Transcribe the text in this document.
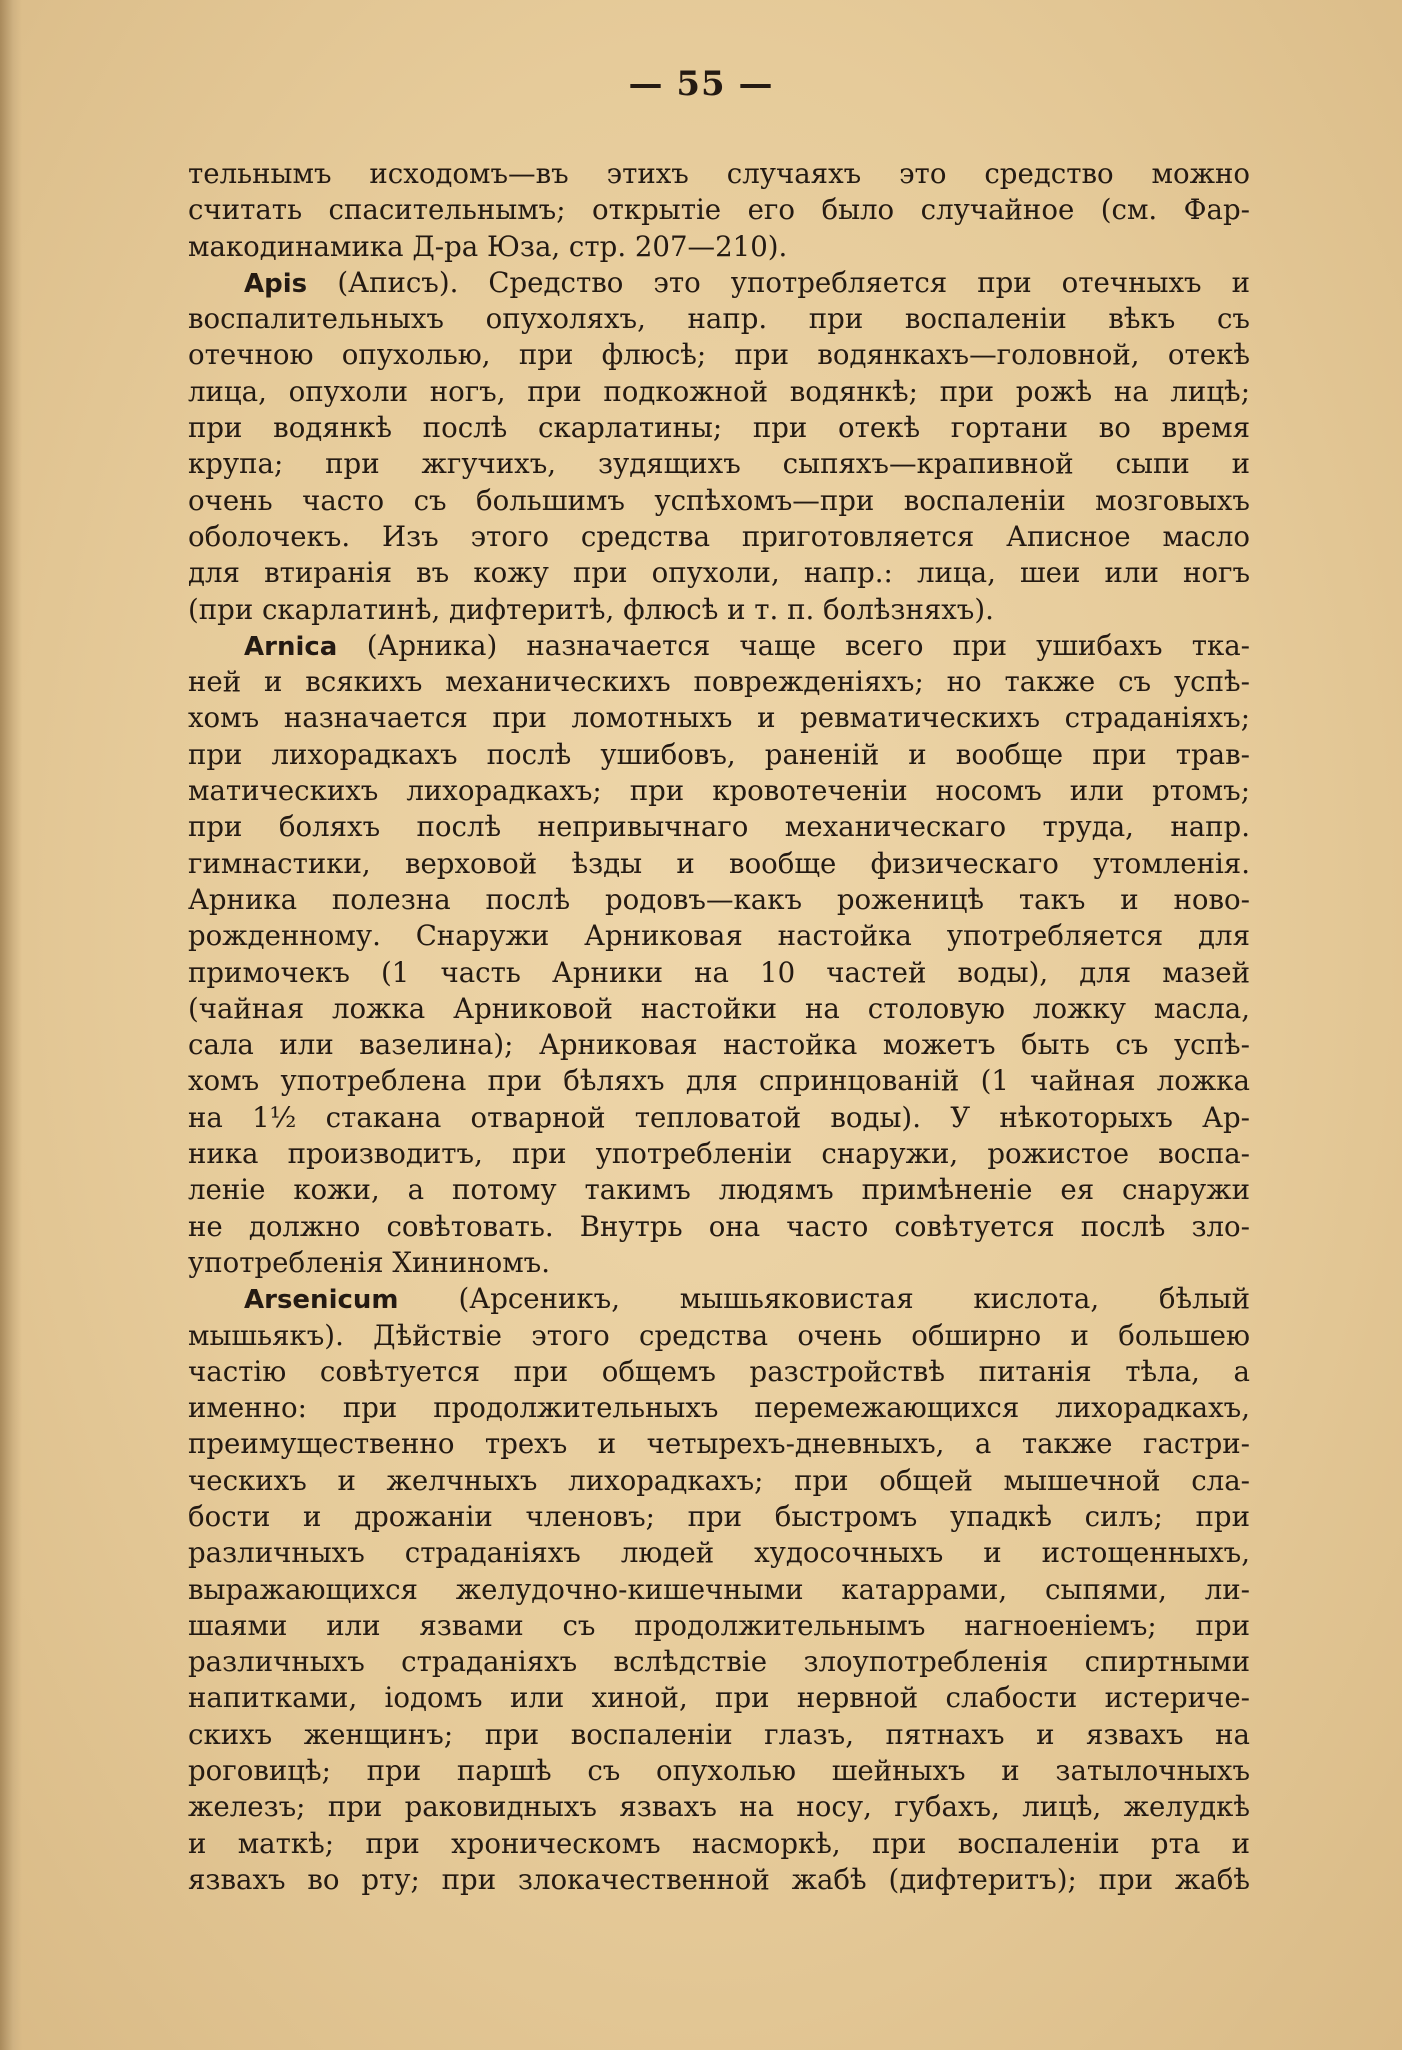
— 55 —
тельнымъ исходомъ—въ этихъ случаяхъ это средство можно
считать спасительнымъ; открытіе его было случайное (см. Фар-
макодинамика Д-ра Юза, стр. 207—210).
Apis (Аписъ). Средство это употребляется при отечныхъ и
воспалительныхъ опухоляхъ, напр. при воспаленіи вѣкъ съ
отечною опухолью, при флюсѣ; при водянкахъ—головной, отекѣ
лица, опухоли ногъ, при подкожной водянкѣ; при рожѣ на лицѣ;
при водянкѣ послѣ скарлатины; при отекѣ гортани во время
крупа; при жгучихъ, зудящихъ сыпяхъ—крапивной сыпи и
очень часто съ большимъ успѣхомъ—при воспаленіи мозговыхъ
оболочекъ. Изъ этого средства приготовляется Аписное масло
для втиранія въ кожу при опухоли, напр.: лица, шеи или ногъ
(при скарлатинѣ, дифтеритѣ, флюсѣ и т. п. болѣзняхъ).
Arnica (Арника) назначается чаще всего при ушибахъ тка-
ней и всякихъ механическихъ поврежденіяхъ; но также съ успѣ-
хомъ назначается при ломотныхъ и ревматическихъ страданіяхъ;
при лихорадкахъ послѣ ушибовъ, раненій и вообще при трав-
матическихъ лихорадкахъ; при кровотеченіи носомъ или ртомъ;
при боляхъ послѣ непривычнаго механическаго труда, напр.
гимнастики, верховой ѣзды и вообще физическаго утомленія.
Арника полезна послѣ родовъ—какъ роженицѣ такъ и ново-
рожденному. Снаружи Арниковая настойка употребляется для
примочекъ (1 часть Арники на 10 частей воды), для мазей
(чайная ложка Арниковой настойки на столовую ложку масла,
сала или вазелина); Арниковая настойка можетъ быть съ успѣ-
хомъ употреблена при бѣляхъ для спринцованій (1 чайная ложка
на 1½ стакана отварной тепловатой воды). У нѣкоторыхъ Ар-
ника производитъ, при употребленіи снаружи, рожистое воспа-
леніе кожи, а потому такимъ людямъ примѣненіе ея снаружи
не должно совѣтовать. Внутрь она часто совѣтуется послѣ зло-
употребленія Хининомъ.
Arsenicum (Арсеникъ, мышьяковистая кислота, бѣлый
мышьякъ). Дѣйствіе этого средства очень обширно и большею
частію совѣтуется при общемъ разстройствѣ питанія тѣла, а
именно: при продолжительныхъ перемежающихся лихорадкахъ,
преимущественно трехъ и четырехъ-дневныхъ, а также гастри-
ческихъ и желчныхъ лихорадкахъ; при общей мышечной сла-
бости и дрожаніи членовъ; при быстромъ упадкѣ силъ; при
различныхъ страданіяхъ людей худосочныхъ и истощенныхъ,
выражающихся желудочно-кишечными катаррами, сыпями, ли-
шаями или язвами съ продолжительнымъ нагноеніемъ; при
различныхъ страданіяхъ вслѣдствіе злоупотребленія спиртными
напитками, іодомъ или хиной, при нервной слабости истериче-
скихъ женщинъ; при воспаленіи глазъ, пятнахъ и язвахъ на
роговицѣ; при паршѣ съ опухолью шейныхъ и затылочныхъ
железъ; при раковидныхъ язвахъ на носу, губахъ, лицѣ, желудкѣ
и маткѣ; при хроническомъ насморкѣ, при воспаленіи рта и
язвахъ во рту; при злокачественной жабѣ (дифтеритъ); при жабѣ
